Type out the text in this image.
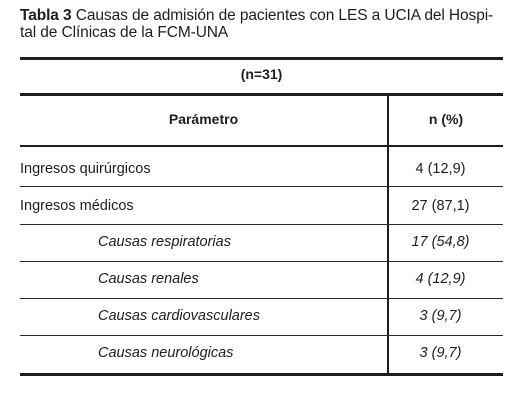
Tabla 3 Causas de admisión de pacientes con LES a UCIA del Hospi-
tal de Clínicas de la FCM-UNA
(n=31)
Parámetro	n (%)
Ingresos quirúrgicos	4 (12,9)
Ingresos médicos	27 (87,1)
Causas respiratorias	17 (54,8)
Causas renales	4 (12,9)
Causas cardiovasculares	3 (9,7)
Causas neurológicas	3 (9,7)
